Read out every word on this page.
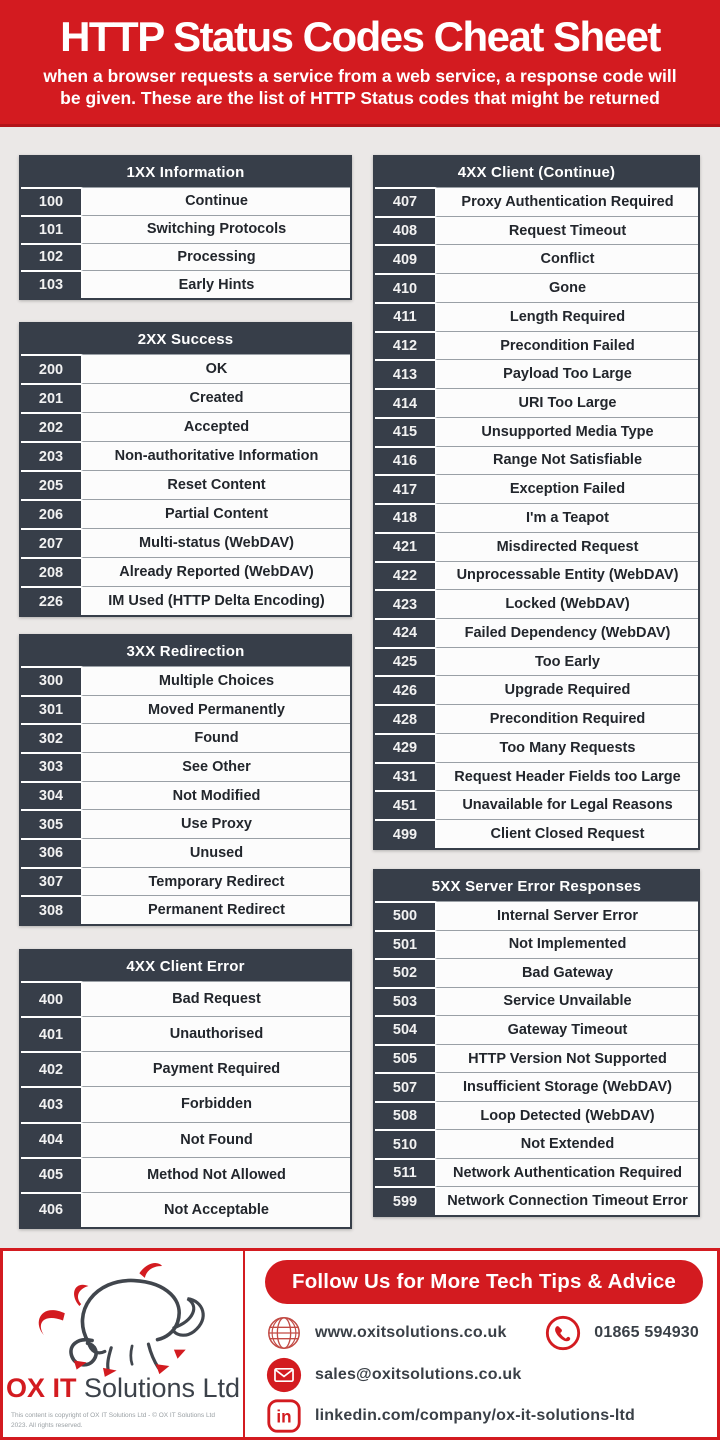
HTTP Status Codes Cheat Sheet

when a browser requests a service from a web service, a response code will be given. These are the list of HTTP Status codes that might be returned

1XX Information
100	Continue
101	Switching Protocols
102	Processing
103	Early Hints
2XX Success
200	OK
201	Created
202	Accepted
203	Non-authoritative Information
205	Reset Content
206	Partial Content
207	Multi-status (WebDAV)
208	Already Reported (WebDAV)
226	IM Used (HTTP Delta Encoding)
3XX Redirection
300	Multiple Choices
301	Moved Permanently
302	Found
303	See Other
304	Not Modified
305	Use Proxy
306	Unused
307	Temporary Redirect
308	Permanent Redirect
4XX Client Error
400	Bad Request
401	Unauthorised
402	Payment Required
403	Forbidden
404	Not Found
405	Method Not Allowed
406	Not Acceptable
4XX Client (Continue)
407	Proxy Authentication Required
408	Request Timeout
409	Conflict
410	Gone
411	Length Required
412	Precondition Failed
413	Payload Too Large
414	URI Too Large
415	Unsupported Media Type
416	Range Not Satisfiable
417	Exception Failed
418	I'm a Teapot
421	Misdirected Request
422	Unprocessable Entity (WebDAV)
423	Locked (WebDAV)
424	Failed Dependency (WebDAV)
425	Too Early
426	Upgrade Required
428	Precondition Required
429	Too Many Requests
431	Request Header Fields too Large
451	Unavailable for Legal Reasons
499	Client Closed Request
5XX Server Error Responses
500	Internal Server Error
501	Not Implemented
502	Bad Gateway
503	Service Unvailable
504	Gateway Timeout
505	HTTP Version Not Supported
507	Insufficient Storage (WebDAV)
508	Loop Detected (WebDAV)
510	Not Extended
511	Network Authentication Required
599	Network Connection Timeout Error
OX IT Solutions Ltd

This content is copyright of OX IT Solutions Ltd - © OX IT Solutions Ltd 2023. All rights reserved.

Follow Us for More Tech Tips & Advice
www.oxitsolutions.co.uk	01865 594930
sales@oxitsolutions.co.uk
in linkedin.com/company/ox-it-solutions-ltd
